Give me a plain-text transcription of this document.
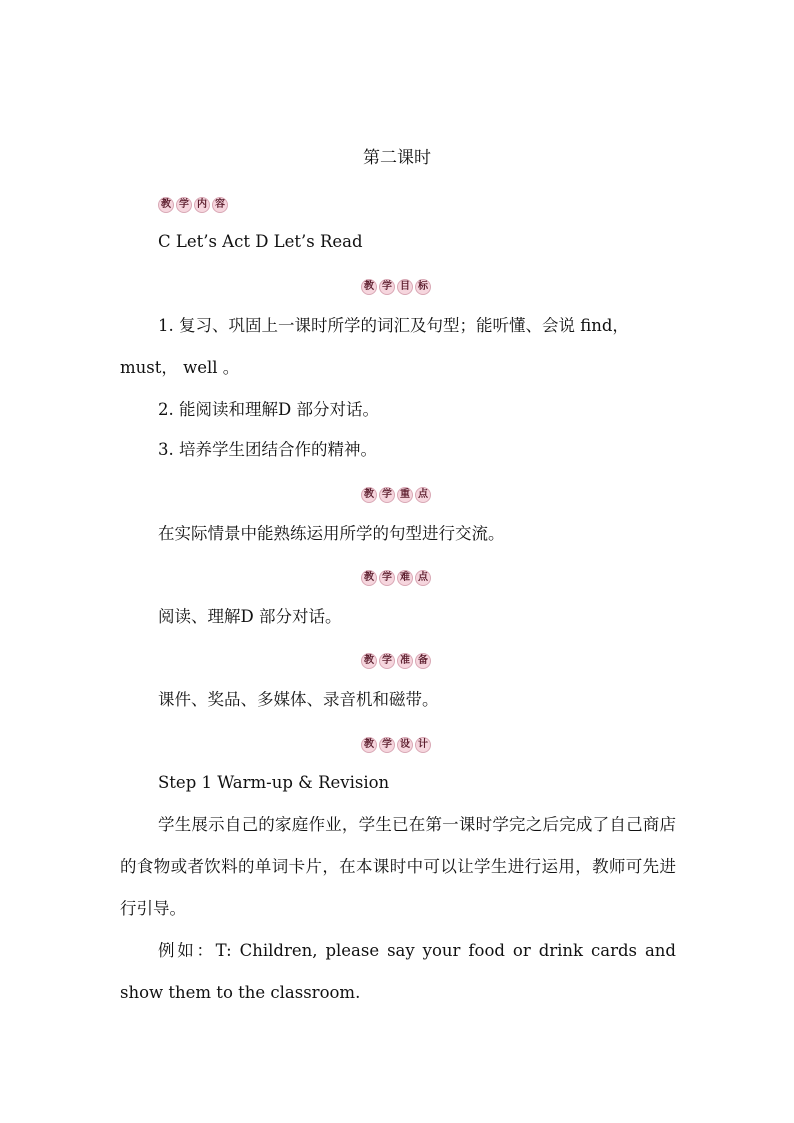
第二课时
教 学 内 容
C Let’s Act D Let’s Read
教 学 目 标
1. 复习、巩固上一课时所学的词汇及句型；能听懂、会说 find，
must， well 。
2. 能阅读和理解D 部分对话。
3. 培养学生团结合作的精神。
教 学 重 点
在实际情景中能熟练运用所学的句型进行交流。
教 学 难 点
阅读、理解D 部分对话。
教 学 准 备
课件、奖品、多媒体、录音机和磁带。
教 学 设 计
Step 1 Warm-up & Revision
学生展示自己的家庭作业，学生已在第一课时学完之后完成了自己商店的食物或者饮料的单词卡片，在本课时中可以让学生进行运用，教师可先进行引导。
例如：T: Children, please say your food or drink cards and show them to the classroom.
